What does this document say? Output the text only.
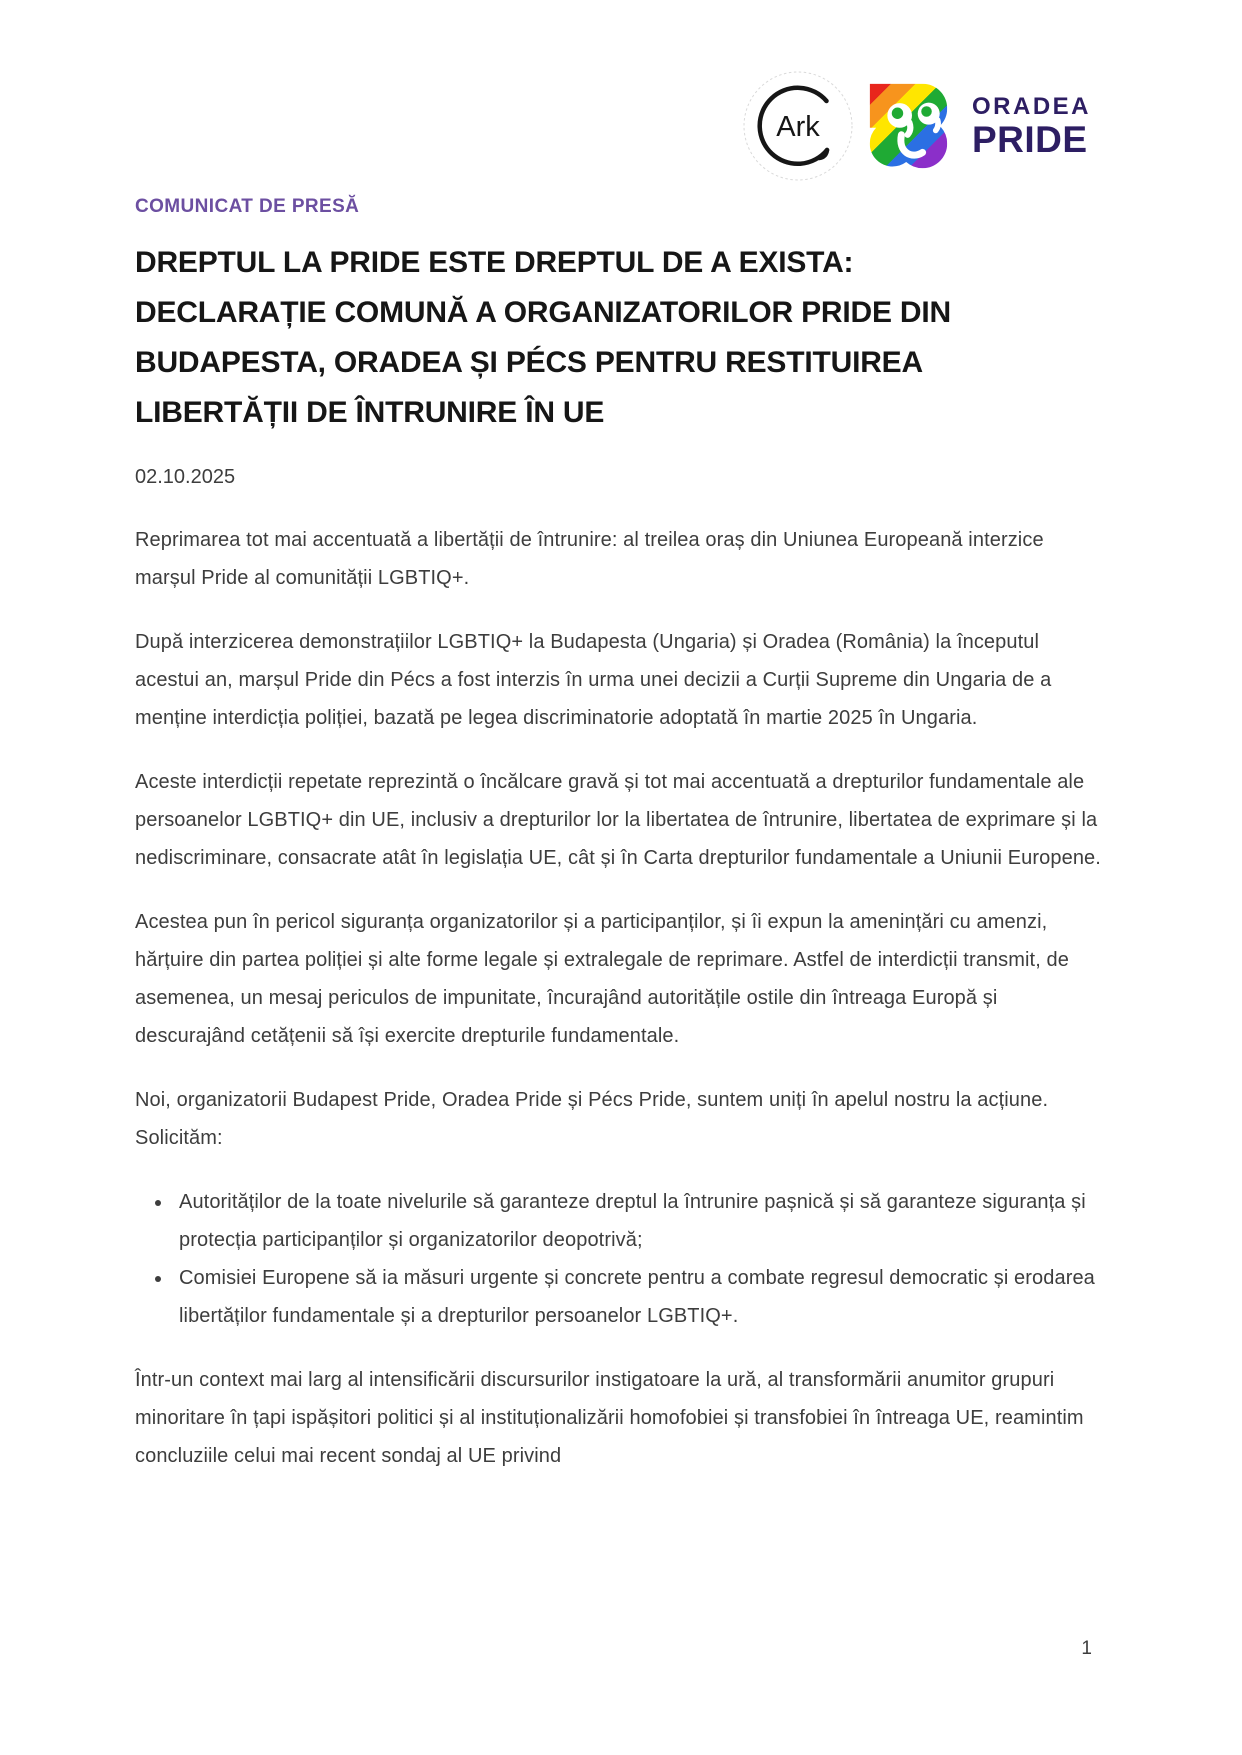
Ark
ORADEA
PRIDE

COMUNICAT DE PRESĂ

DREPTUL LA PRIDE ESTE DREPTUL DE A EXISTA:
DECLARAȚIE COMUNĂ A ORGANIZATORILOR PRIDE DIN
BUDAPESTA, ORADEA ȘI PÉCS PENTRU RESTITUIREA
LIBERTĂȚII DE ÎNTRUNIRE ÎN UE

02.10.2025

Reprimarea tot mai accentuată a libertății de întrunire: al treilea oraș din Uniunea Europeană interzice marșul Pride al comunității LGBTIQ+.

După interzicerea demonstrațiilor LGBTIQ+ la Budapesta (Ungaria) și Oradea (România) la începutul acestui an, marșul Pride din Pécs a fost interzis în urma unei decizii a Curții Supreme din Ungaria de a menține interdicția poliției, bazată pe legea discriminatorie adoptată în martie 2025 în Ungaria.

Aceste interdicții repetate reprezintă o încălcare gravă și tot mai accentuată a drepturilor fundamentale ale persoanelor LGBTIQ+ din UE, inclusiv a drepturilor lor la libertatea de întrunire, libertatea de exprimare și la nediscriminare, consacrate atât în legislația UE, cât și în Carta drepturilor fundamentale a Uniunii Europene.

Acestea pun în pericol siguranța organizatorilor și a participanților, și îi expun la amenințări cu amenzi, hărțuire din partea poliției și alte forme legale și extralegale de reprimare. Astfel de interdicții transmit, de asemenea, un mesaj periculos de impunitate, încurajând autoritățile ostile din întreaga Europă și descurajând cetățenii să își exercite drepturile fundamentale.

Noi, organizatorii Budapest Pride, Oradea Pride și Pécs Pride, suntem uniți în apelul nostru la acțiune. Solicităm:

• Autorităților de la toate nivelurile să garanteze dreptul la întrunire pașnică și să garanteze siguranța și protecția participanților și organizatorilor deopotrivă;
• Comisiei Europene să ia măsuri urgente și concrete pentru a combate regresul democratic și erodarea libertăților fundamentale și a drepturilor persoanelor LGBTIQ+.

Într-un context mai larg al intensificării discursurilor instigatoare la ură, al transformării anumitor grupuri minoritare în țapi ispășitori politici și al instituționalizării homofobiei și transfobiei în întreaga UE, reamintim concluziile celui mai recent sondaj al UE privind

1
